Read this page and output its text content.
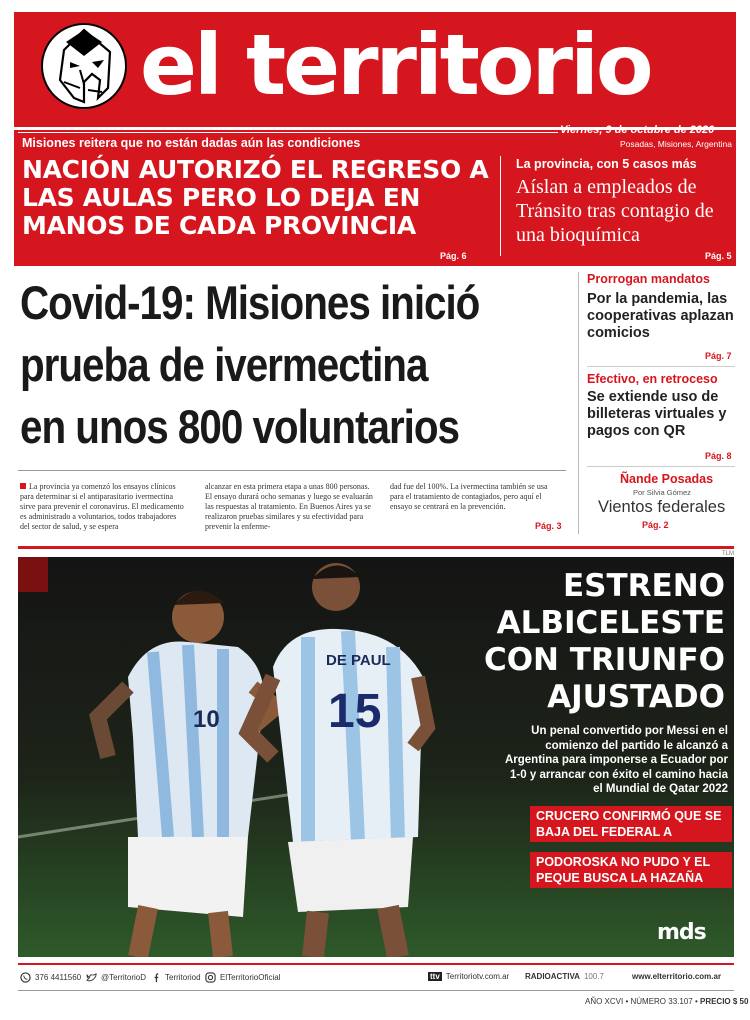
el territorio
Misiones reitera que no están dadas aún las condiciones
Viernes, 9 de octubre de 2020
Posadas, Misiones, Argentina
NACIÓN AUTORIZÓ EL REGRESO A LAS AULAS PERO LO DEJA EN MANOS DE CADA PROVINCIA
Pág. 6
La provincia, con 5 casos más
Aíslan a empleados de Tránsito tras contagio de una bioquímica
Pág. 5
Covid-19: Misiones inició
prueba de ivermectina
en unos 800 voluntarios
La provincia ya comenzó los ensayos clínicos para determinar si el antiparasitario ivermectina sirve para prevenir el coronavirus. El medicamento es administrado a voluntarios, todos trabajadores del sector de salud, y se espera
alcanzar en esta primera etapa a unas 800 personas. El ensayo durará ocho semanas y luego se evaluarán las respuestas al tratamiento. En Buenos Aires ya se realizaron pruebas similares y su efectividad para prevenir la enferme-
dad fue del 100%. La ivermectina también se usa para el tratamiento de contagiados, pero aquí el ensayo se centrará en la prevención.
Pág. 3
Prorrogan mandatos
Por la pandemia, las cooperativas aplazan comicios
Pág. 7
Efectivo, en retroceso
Se extiende uso de billeteras virtuales y pagos con QR
Pág. 8
Ñande Posadas
Por Silvia Gómez
Vientos federales
Pág. 2
TLM
10
DE PAUL
15
ESTRENO ALBICELESTE CON TRIUNFO AJUSTADO
Un penal convertido por Messi en el comienzo del partido le alcanzó a Argentina para imponerse a Ecuador por 1-0 y arrancar con éxito el camino hacia el Mundial de Qatar 2022
CRUCERO CONFIRMÓ QUE SE BAJA DEL FEDERAL A
PODOROSKA NO PUDO Y EL PEQUE BUSCA LA HAZAÑA
mds
376 4411560 @TerritorioD Territoriod ElTerritorioOficial	ttv Territoriotv.com.ar RADIOACTIVA 100.7	www.elterritorio.com.ar
AÑO XCVI • NÚMERO 33.107 • PRECIO $ 50
